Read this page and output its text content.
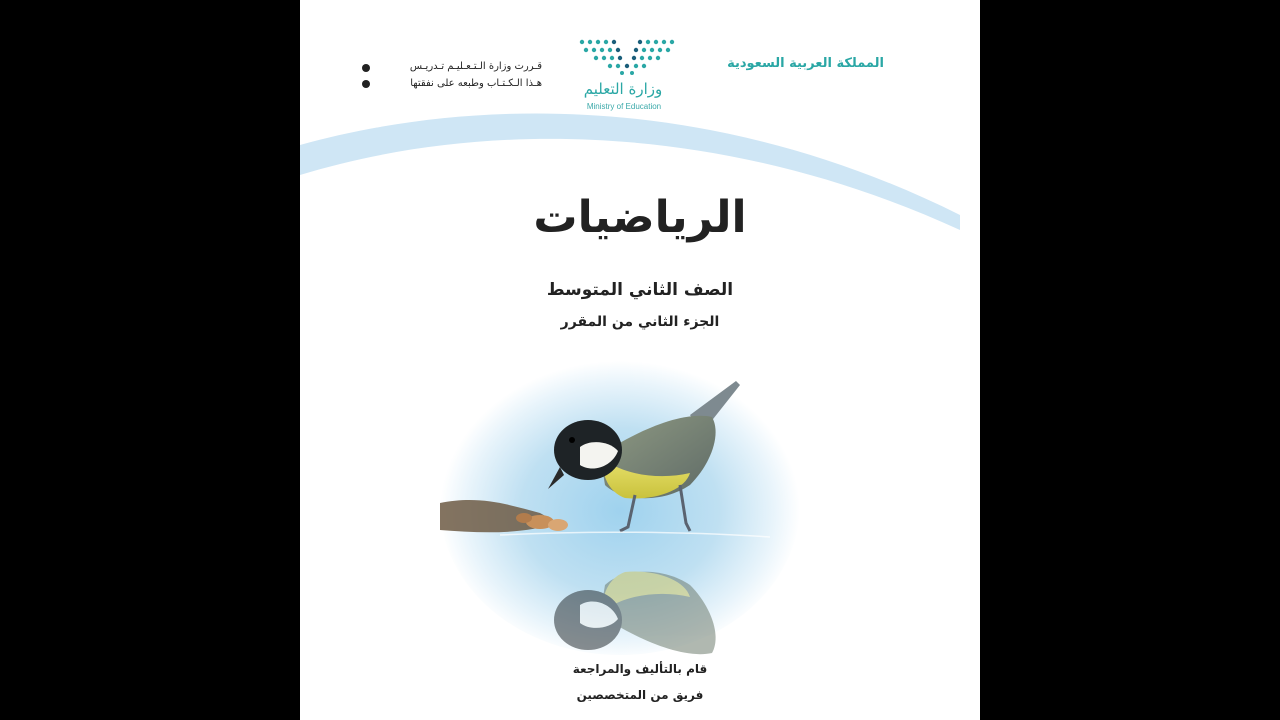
المملكة العربية السعودية
وزارة التعليم
Ministry of Education
قـررت وزارة الـتـعـليـم تـدريـس
هـذا الـكـتـاب وطبعه على نفقتها
الرياضيات
الصف الثاني المتوسط
الجزء الثاني من المقرر
قام بالتأليف والمراجعة
فريق من المتخصصين
